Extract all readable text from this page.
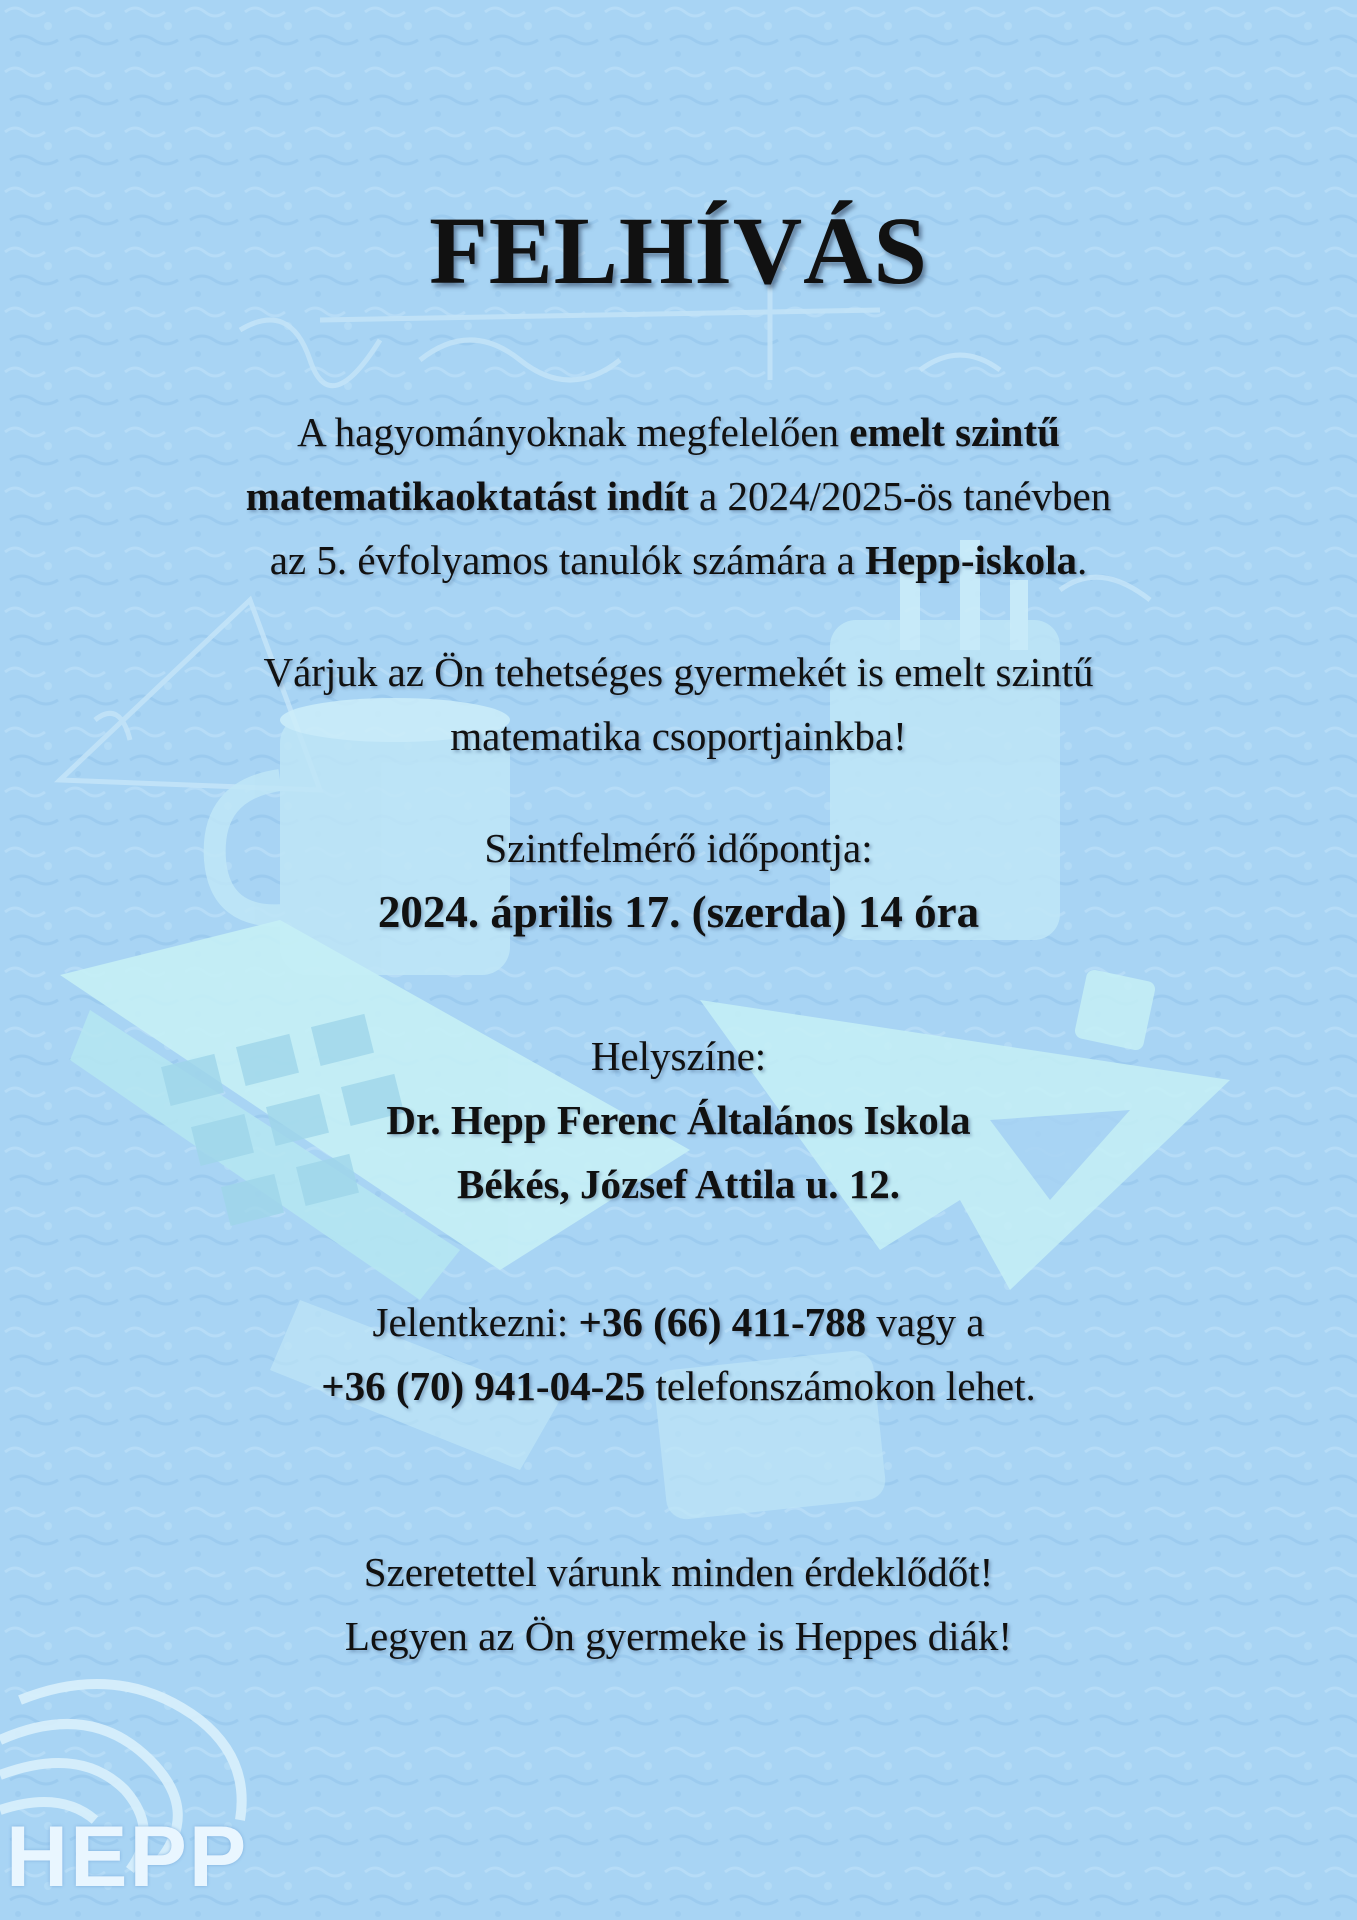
FELHÍVÁS
A hagyományoknak megfelelően emelt szintű
matematikaoktatást indít a 2024/2025-ös tanévben
az 5. évfolyamos tanulók számára a Hepp-iskola.
Várjuk az Ön tehetséges gyermekét is emelt szintű
matematika csoportjainkba!
Szintfelmérő időpontja:
2024. április 17. (szerda) 14 óra
Helyszíne:
Dr. Hepp Ferenc Általános Iskola
Békés, József Attila u. 12.
Jelentkezni: +36 (66) 411-788 vagy a
+36 (70) 941-04-25 telefonszámokon lehet.
Szeretettel várunk minden érdeklődőt!
Legyen az Ön gyermeke is Heppes diák!
HEPP
